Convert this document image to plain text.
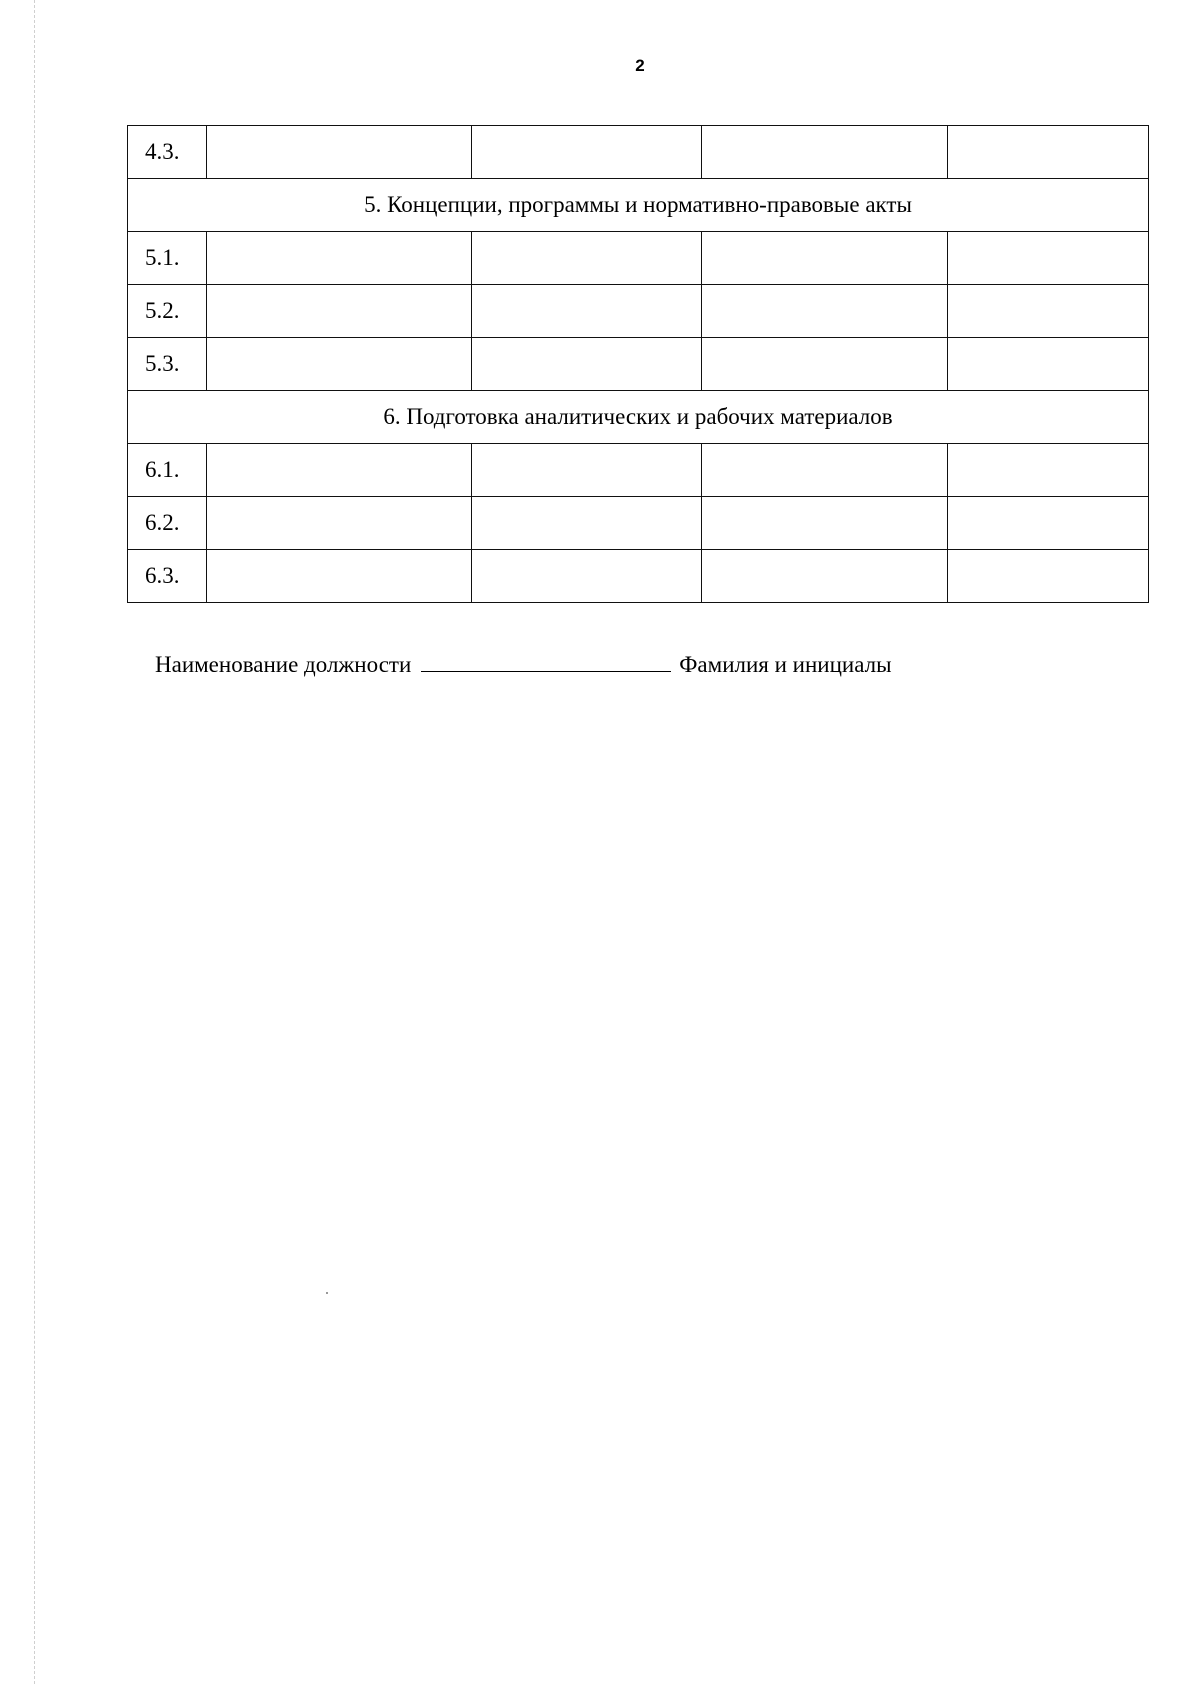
2
4.3.				
5. Концепции, программы и нормативно-правовые акты				
5.1.				
5.2.				
5.3.				
6. Подготовка аналитических и рабочих материалов				
6.1.				
6.2.				
6.3.				
Наименование должности	Фамилия и инициалы
